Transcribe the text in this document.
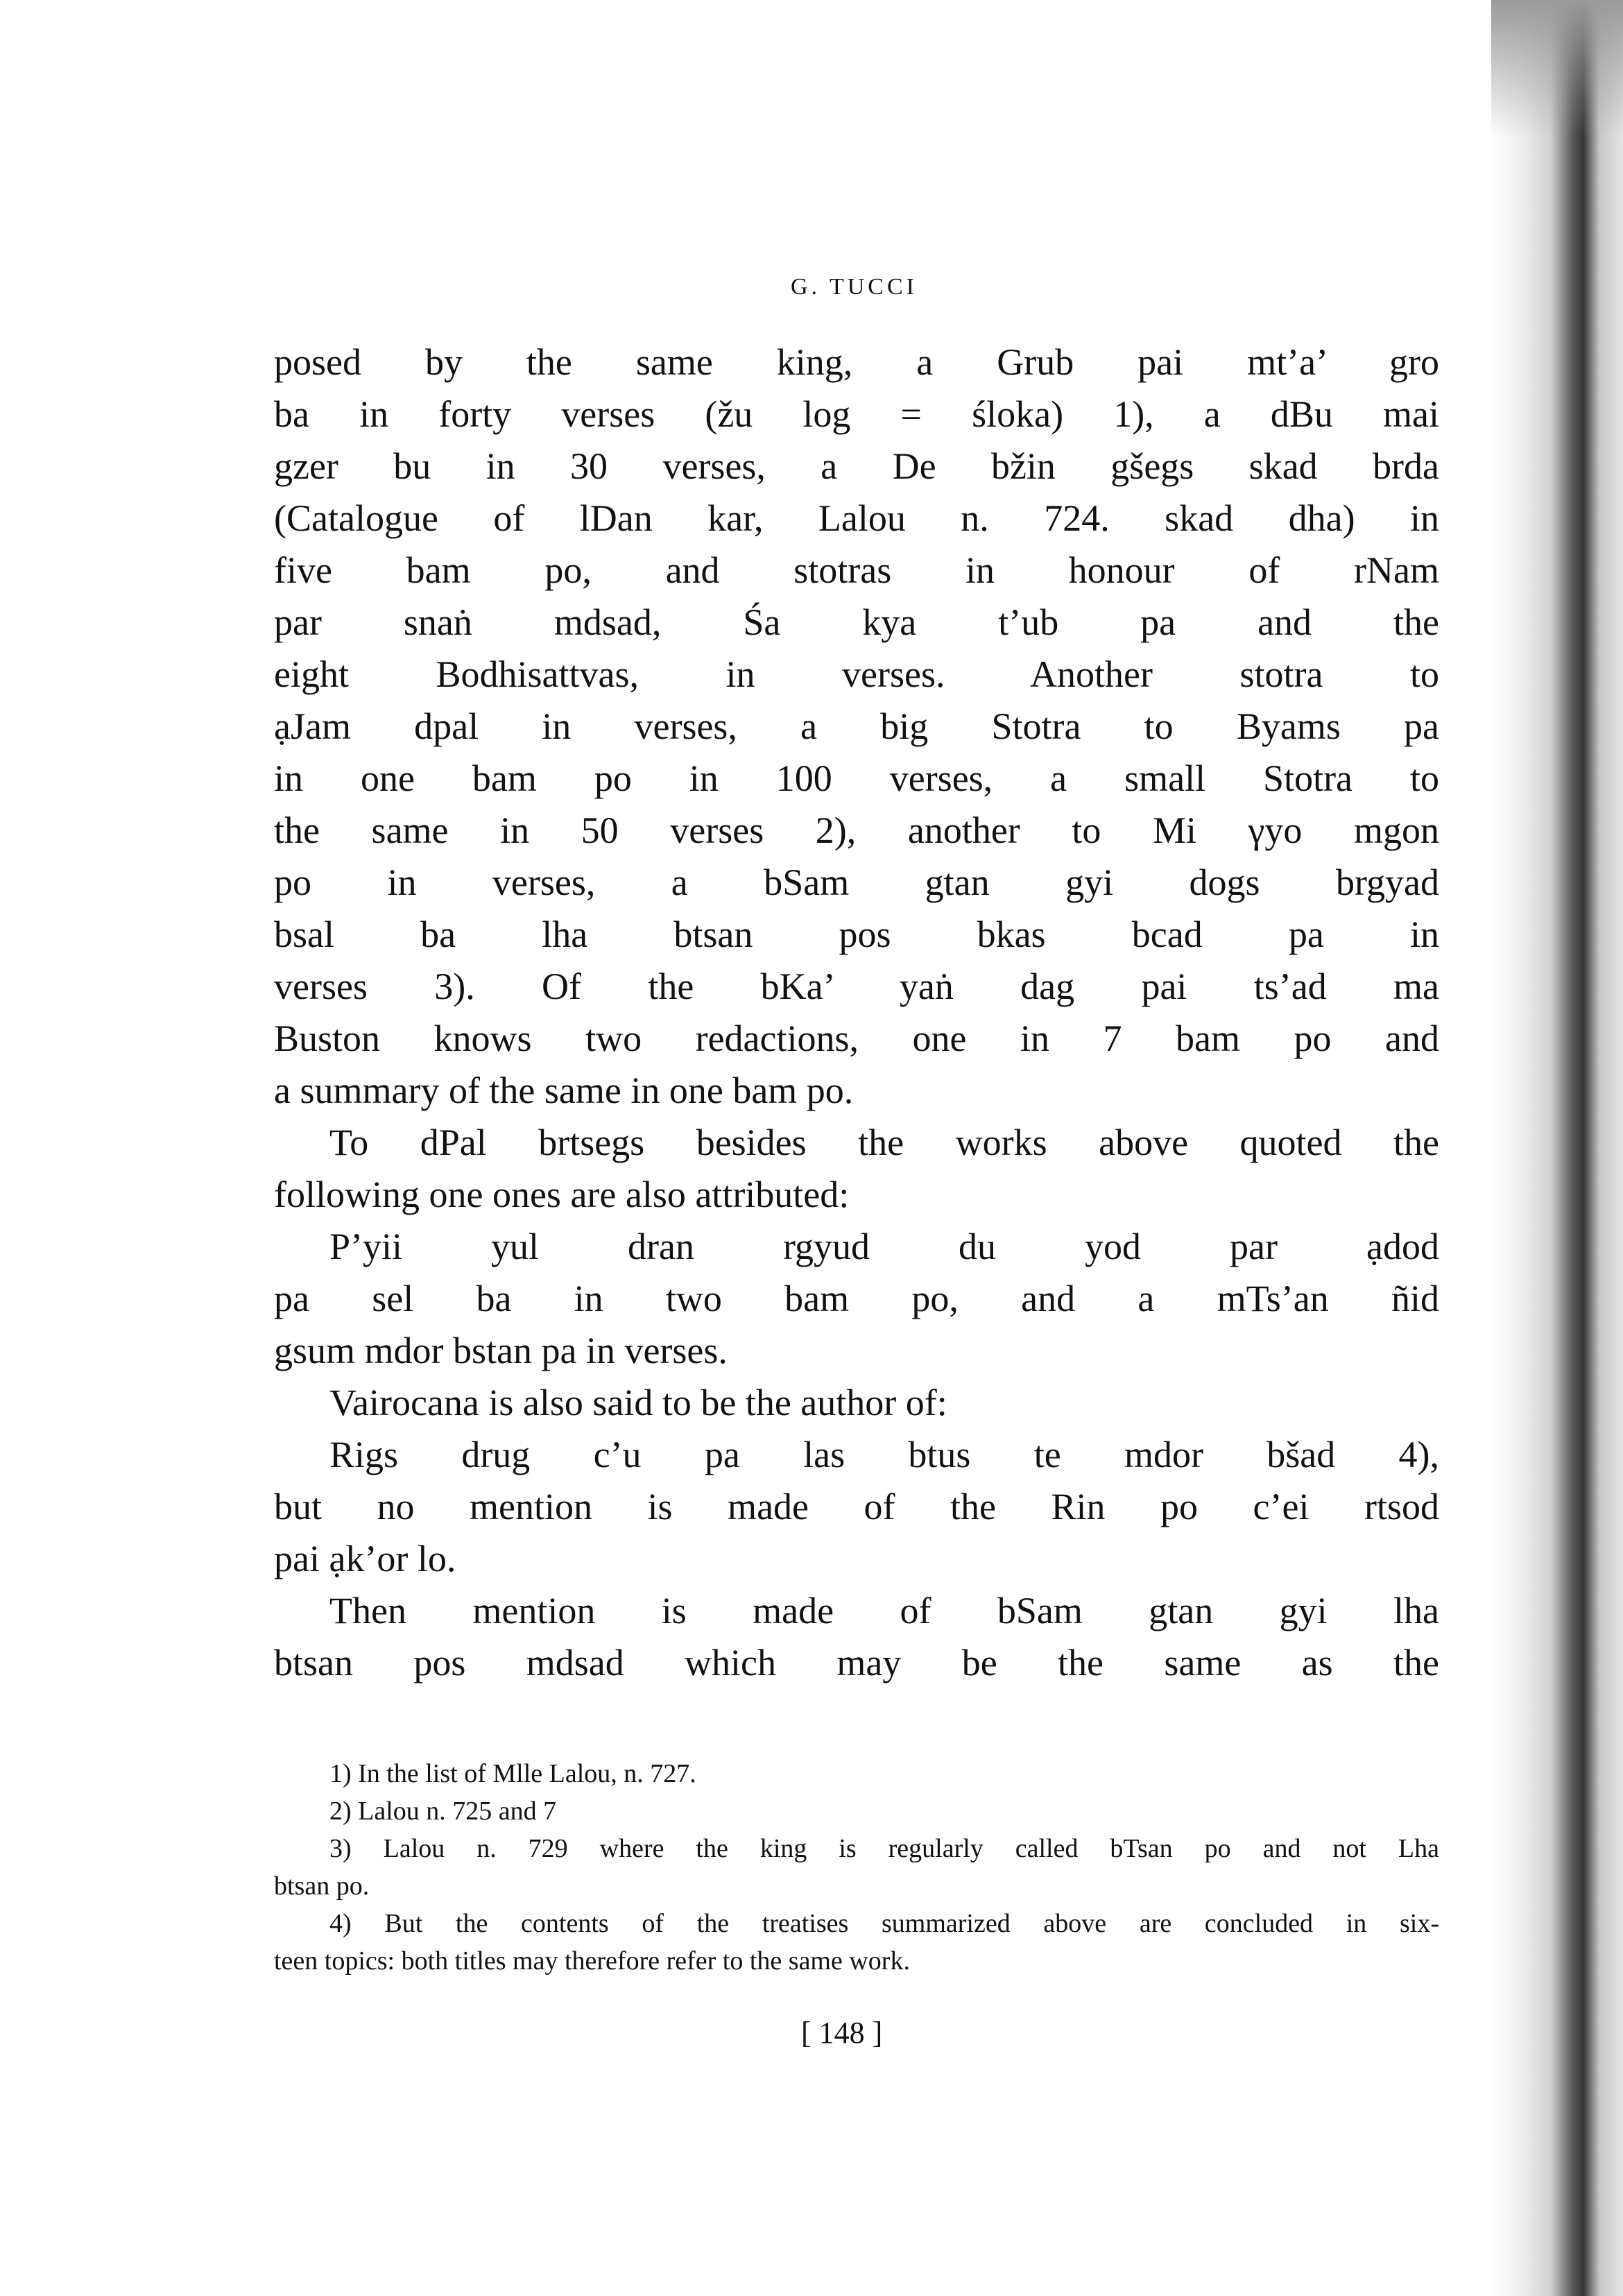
G. TUCCI
posed by the same king, a Grub pai mt’a’ gro
ba in forty verses (žu log = śloka) 1), a dBu mai
gzer bu in 30 verses, a De bžin gšegs skad brda
(Catalogue of lDan kar, Lalou n. 724. skad dha) in
five bam po, and stotras in honour of rNam
par snaṅ mdsad, Śa kya t’ub pa and the
eight Bodhisattvas, in verses. Another stotra to
ạJam dpal in verses, a big Stotra to Byams pa
in one bam po in 100 verses, a small Stotra to
the same in 50 verses 2), another to Mi γyo mgon
po in verses, a bSam gtan gyi dogs brgyad
bsal ba lha btsan pos bkas bcad pa in
verses 3). Of the bKa’ yaṅ dag pai ts’ad ma
Buston knows two redactions, one in 7 bam po and
a summary of the same in one bam po.
To dPal brtsegs besides the works above quoted the
following one ones are also attributed:
P’yii yul dran rgyud du yod par ạdod
pa sel ba in two bam po, and a mTs’an ñid
gsum mdor bstan pa in verses.
Vairocana is also said to be the author of:
Rigs drug c’u pa las btus te mdor bšad 4),
but no mention is made of the Rin po c’ei rtsod
pai ạk’or lo.
Then mention is made of bSam gtan gyi lha
btsan pos mdsad which may be the same as the
1) In the list of Mlle Lalou, n. 727.
2) Lalou n. 725 and 7
3) Lalou n. 729 where the king is regularly called bTsan po and not Lha
btsan po.
4) But the contents of the treatises summarized above are concluded in six-
teen topics: both titles may therefore refer to the same work.
[ 148 ]
